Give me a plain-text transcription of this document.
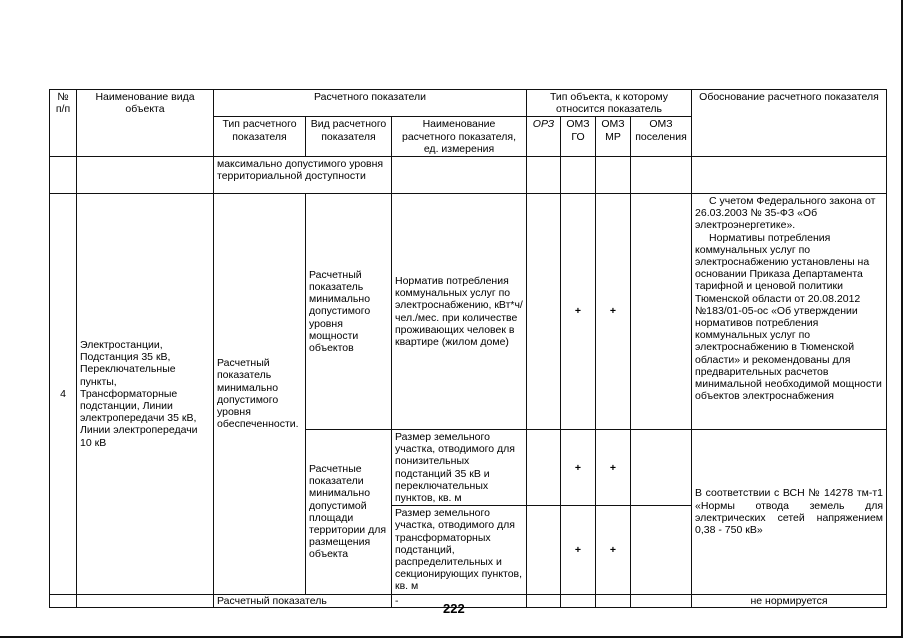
№ п/п	Наименование вида объекта	Расчетного показатели			Тип объекта, к которому относится показатель				Обоснование расчетного показателя
		Тип расчетного показателя	Вид расчетного показателя	Наименование расчетного показателя, ед. измерения	ОРЗ	ОМЗ ГО	ОМЗ МР	ОМЗ поселения	
		максимально допустимого уровня территориальной доступности							
4	Электростанции, Подстанция 35 кВ, Переключательные пункты, Трансформаторные подстанции, Линии электропередачи 35 кВ, Линии электропередачи 10 кВ	Расчетный показатель минимально допустимого уровня обеспеченности.	Расчетный показатель минимально допустимого уровня мощности объектов	Норматив потребления коммунальных услуг по электроснабжению, кВт*ч/чел./мес. при количестве проживающих человек в квартире (жилом доме)		+	+		С учетом Федерального закона от 26.03.2003 № 35-ФЗ «Об электроэнергетике».
Нормативы потребления коммунальных услуг по электроснабжению установлены на основании Приказа Департамента тарифной и ценовой политики Тюменской области от 20.08.2012 №183/01-05-ос «Об утверждении нормативов потребления коммунальных услуг по электроснабжению в Тюменской области» и рекомендованы для предварительных расчетов минимальной необходимой мощности объектов электроснабжения

			Расчетные показатели минимально допустимой площади территории для размещения объекта	Размер земельного участка, отводимого для понизительных подстанций 35 кВ и переключательных пунктов, кв. м		+	+		В соответствии с ВСН № 14278 тм-т1 «Нормы отвода земель для электрических сетей напряжением 0,38 - 750 кВ»
				Размер земельного участка, отводимого для трансформаторных подстанций, распределительных и секционирующих пунктов, кв. м		+	+		
		Расчетный показатель		-					не нормируется
222
